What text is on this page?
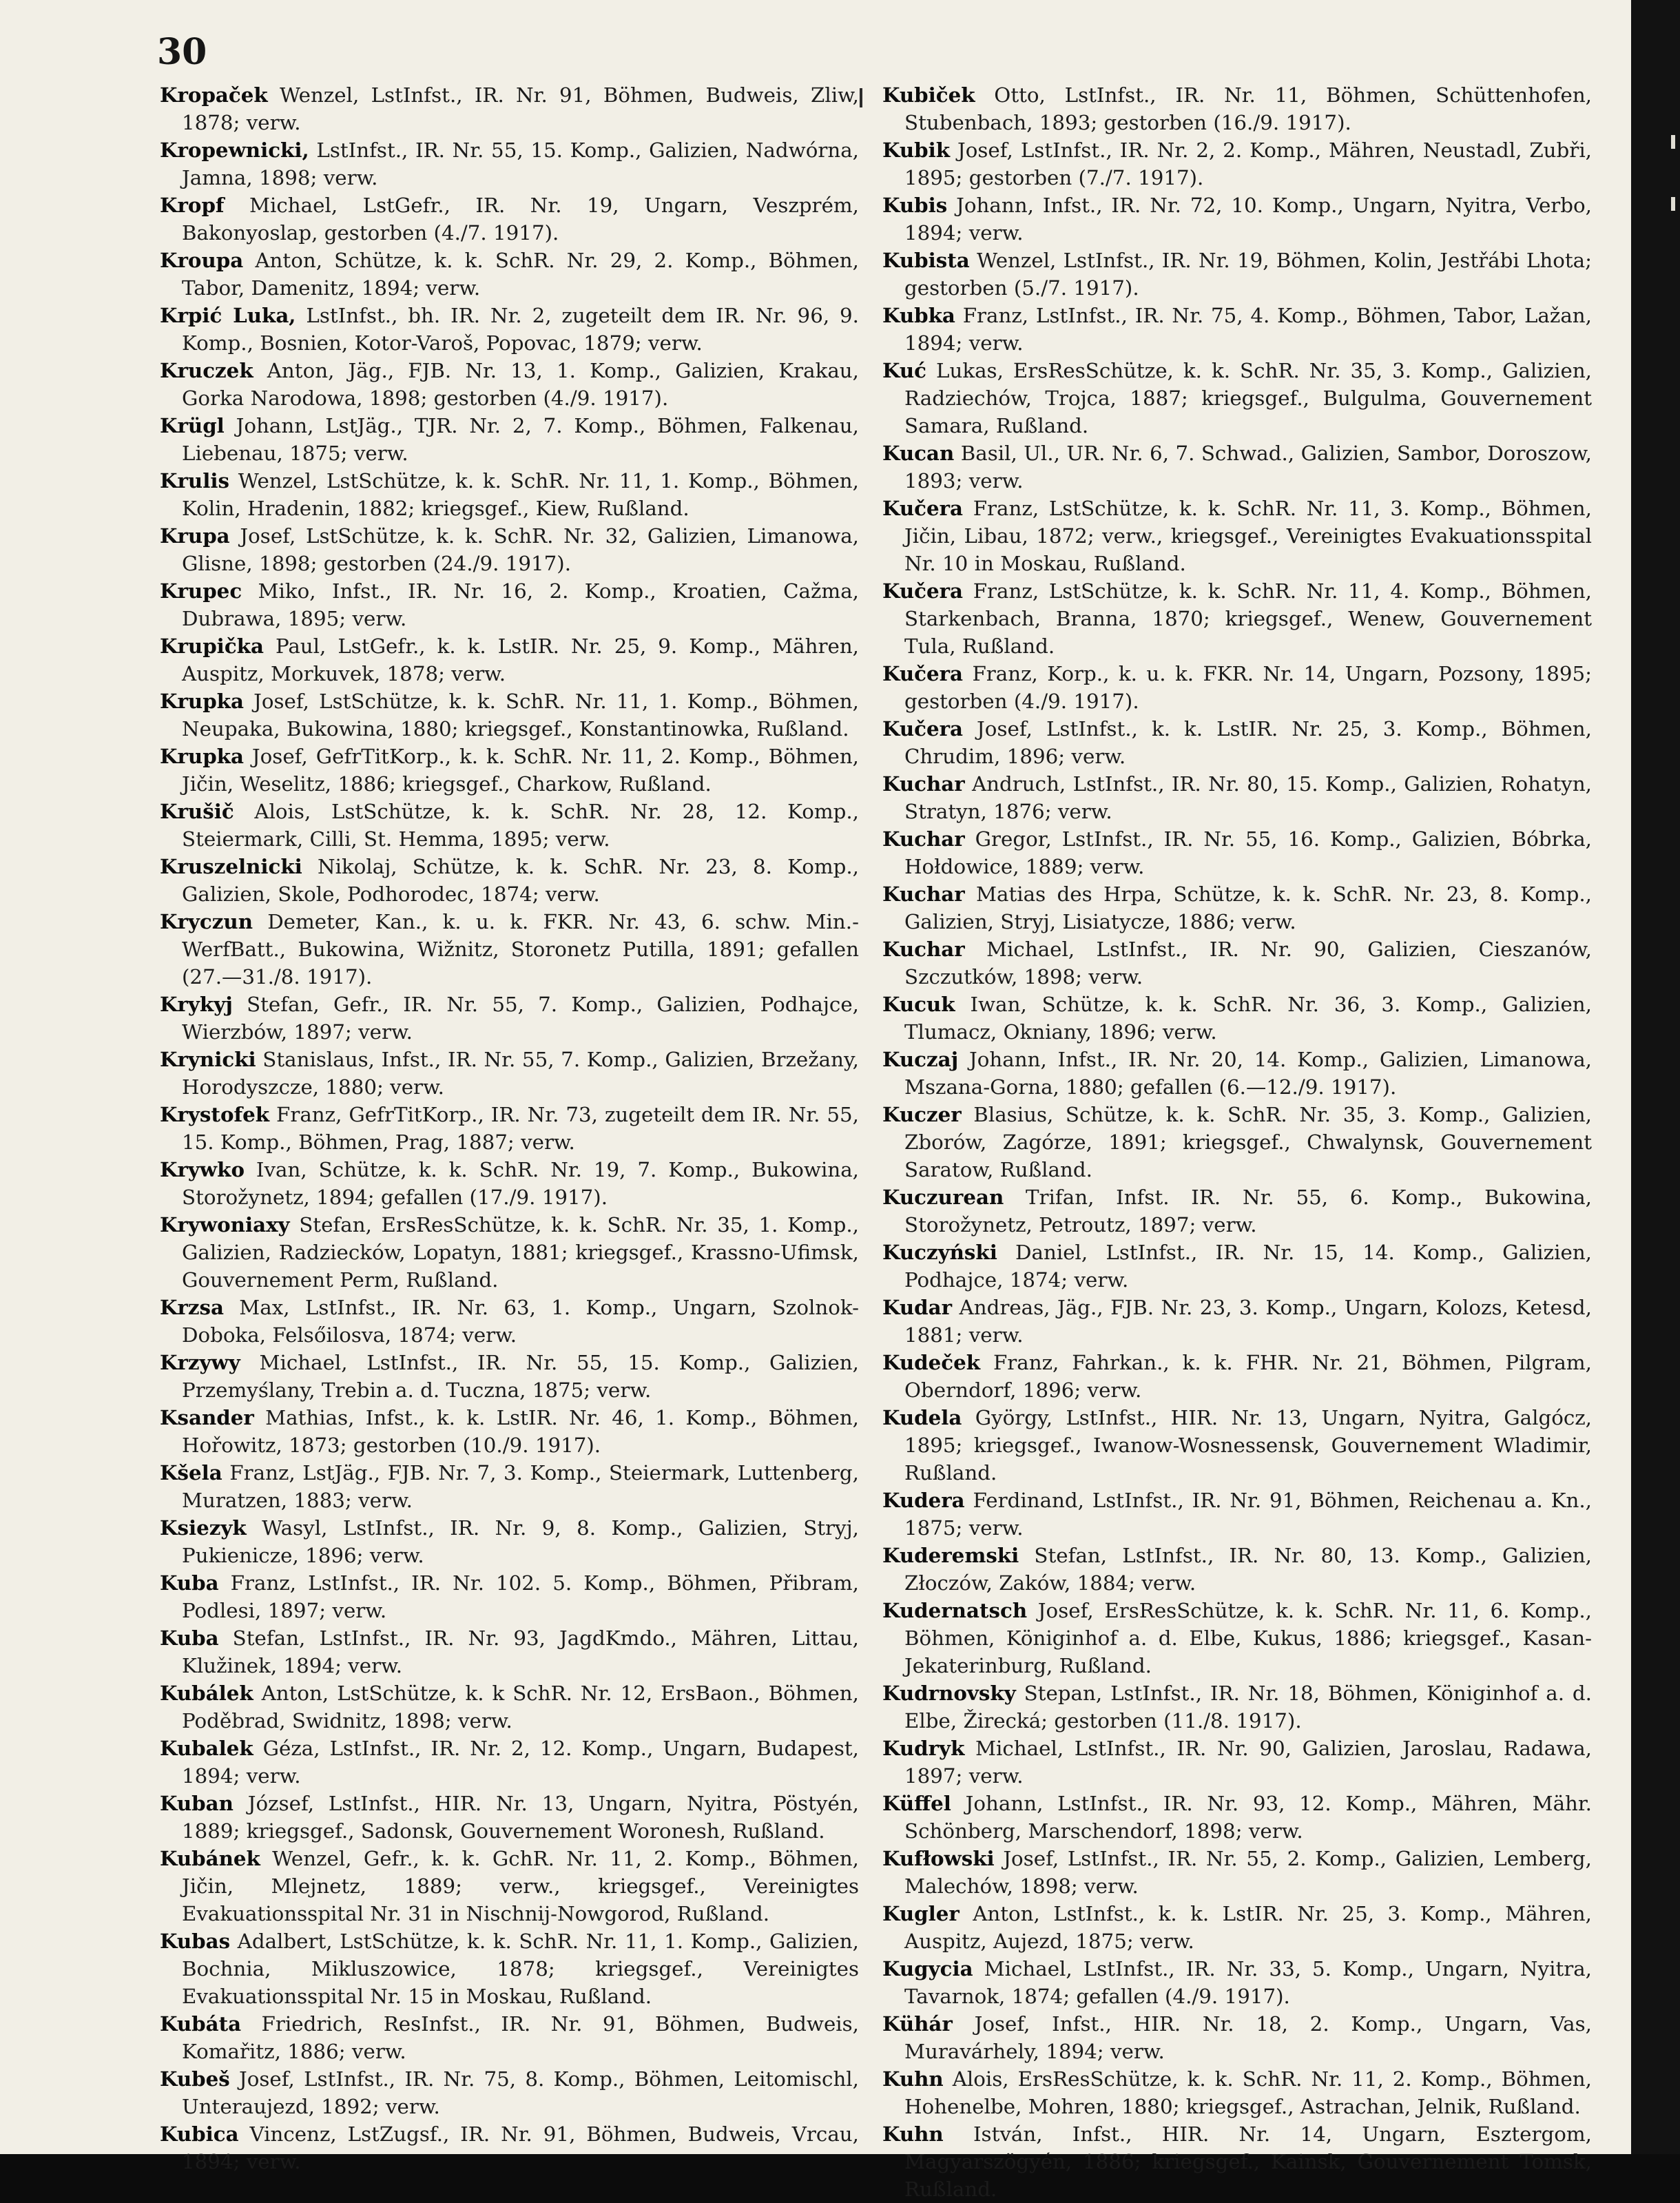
30

Kropaček Wenzel, LstInfst., IR. Nr. 91, Böhmen, Budweis, Zliw, 1878; verw.

Kropewnicki, LstInfst., IR. Nr. 55, 15. Komp., Galizien, Nadwórna, Jamna, 1898; verw.

Kropf Michael, LstGefr., IR. Nr. 19, Ungarn, Veszprém, Bakonyoslap, gestorben (4./7. 1917).

Kroupa Anton, Schütze, k. k. SchR. Nr. 29, 2. Komp., Böhmen, Tabor, Damenitz, 1894; verw.

Krpić Luka, LstInfst., bh. IR. Nr. 2, zugeteilt dem IR. Nr. 96, 9. Komp., Bosnien, Kotor-Varoš, Popovac, 1879; verw.

Kruczek Anton, Jäg., FJB. Nr. 13, 1. Komp., Galizien, Krakau, Gorka Narodowa, 1898; gestorben (4./9. 1917).

Krügl Johann, LstJäg., TJR. Nr. 2, 7. Komp., Böhmen, Falkenau, Liebenau, 1875; verw.

Krulis Wenzel, LstSchütze, k. k. SchR. Nr. 11, 1. Komp., Böhmen, Kolin, Hradenin, 1882; kriegsgef., Kiew, Rußland.

Krupa Josef, LstSchütze, k. k. SchR. Nr. 32, Galizien, Limanowa, Glisne, 1898; gestorben (24./9. 1917).

Krupec Miko, Infst., IR. Nr. 16, 2. Komp., Kroatien, Cažma, Dubrawa, 1895; verw.

Krupička Paul, LstGefr., k. k. LstIR. Nr. 25, 9. Komp., Mähren, Auspitz, Morkuvek, 1878; verw.

Krupka Josef, LstSchütze, k. k. SchR. Nr. 11, 1. Komp., Böhmen, Neupaka, Bukowina, 1880; kriegsgef., Konstantinowka, Rußland.

Krupka Josef, GefrTitKorp., k. k. SchR. Nr. 11, 2. Komp., Böhmen, Jičin, Weselitz, 1886; kriegsgef., Charkow, Rußland.

Krušič Alois, LstSchütze, k. k. SchR. Nr. 28, 12. Komp., Steiermark, Cilli, St. Hemma, 1895; verw.

Kruszelnicki Nikolaj, Schütze, k. k. SchR. Nr. 23, 8. Komp., Galizien, Skole, Podhorodec, 1874; verw.

Kryczun Demeter, Kan., k. u. k. FKR. Nr. 43, 6. schw. Min.-WerfBatt., Bukowina, Wižnitz, Storonetz Putilla, 1891; gefallen (27.—31./8. 1917).

Krykyj Stefan, Gefr., IR. Nr. 55, 7. Komp., Galizien, Podhajce, Wierzbów, 1897; verw.

Krynicki Stanislaus, Infst., IR. Nr. 55, 7. Komp., Galizien, Brzežany, Horodyszcze, 1880; verw.

Krystofek Franz, GefrTitKorp., IR. Nr. 73, zugeteilt dem IR. Nr. 55, 15. Komp., Böhmen, Prag, 1887; verw.

Krywko Ivan, Schütze, k. k. SchR. Nr. 19, 7. Komp., Bukowina, Storožynetz, 1894; gefallen (17./9. 1917).

Krywoniaxy Stefan, ErsResSchütze, k. k. SchR. Nr. 35, 1. Komp., Galizien, Radziecków, Lopatyn, 1881; kriegsgef., Krassno-Ufimsk, Gouvernement Perm, Rußland.

Krzsa Max, LstInfst., IR. Nr. 63, 1. Komp., Ungarn, Szolnok-Doboka, Felsőilosva, 1874; verw.

Krzywy Michael, LstInfst., IR. Nr. 55, 15. Komp., Galizien, Przemyślany, Trebin a. d. Tuczna, 1875; verw.

Ksander Mathias, Infst., k. k. LstIR. Nr. 46, 1. Komp., Böhmen, Hořowitz, 1873; gestorben (10./9. 1917).

Kšela Franz, LstJäg., FJB. Nr. 7, 3. Komp., Steiermark, Luttenberg, Muratzen, 1883; verw.

Ksiezyk Wasyl, LstInfst., IR. Nr. 9, 8. Komp., Galizien, Stryj, Pukienicze, 1896; verw.

Kuba Franz, LstInfst., IR. Nr. 102. 5. Komp., Böhmen, Přibram, Podlesi, 1897; verw.

Kuba Stefan, LstInfst., IR. Nr. 93, JagdKmdo., Mähren, Littau, Klužinek, 1894; verw.

Kubálek Anton, LstSchütze, k. k SchR. Nr. 12, ErsBaon., Böhmen, Poděbrad, Swidnitz, 1898; verw.

Kubalek Géza, LstInfst., IR. Nr. 2, 12. Komp., Ungarn, Budapest, 1894; verw.

Kuban József, LstInfst., HIR. Nr. 13, Ungarn, Nyitra, Pöstyén, 1889; kriegsgef., Sadonsk, Gouvernement Woronesh, Rußland.

Kubánek Wenzel, Gefr., k. k. GchR. Nr. 11, 2. Komp., Böhmen, Jičin, Mlejnetz, 1889; verw., kriegsgef., Vereinigtes Evakuationsspital Nr. 31 in Nischnij-Nowgorod, Rußland.

Kubas Adalbert, LstSchütze, k. k. SchR. Nr. 11, 1. Komp., Galizien, Bochnia, Mikluszowice, 1878; kriegsgef., Vereinigtes Evakuationsspital Nr. 15 in Moskau, Rußland.

Kubáta Friedrich, ResInfst., IR. Nr. 91, Böhmen, Budweis, Komařitz, 1886; verw.

Kubeš Josef, LstInfst., IR. Nr. 75, 8. Komp., Böhmen, Leitomischl, Unteraujezd, 1892; verw.

Kubica Vincenz, LstZugsf., IR. Nr. 91, Böhmen, Budweis, Vrcau, 1894; verw.

Kubiček Otto, LstInfst., IR. Nr. 11, Böhmen, Schüttenhofen, Stubenbach, 1893; gestorben (16./9. 1917).

Kubik Josef, LstInfst., IR. Nr. 2, 2. Komp., Mähren, Neustadl, Zubři, 1895; gestorben (7./7. 1917).

Kubis Johann, Infst., IR. Nr. 72, 10. Komp., Ungarn, Nyitra, Verbo, 1894; verw.

Kubista Wenzel, LstInfst., IR. Nr. 19, Böhmen, Kolin, Jestřábi Lhota; gestorben (5./7. 1917).

Kubka Franz, LstInfst., IR. Nr. 75, 4. Komp., Böhmen, Tabor, Lažan, 1894; verw.

Kuć Lukas, ErsResSchütze, k. k. SchR. Nr. 35, 3. Komp., Galizien, Radziechów, Trojca, 1887; kriegsgef., Bulgulma, Gouvernement Samara, Rußland.

Kucan Basil, Ul., UR. Nr. 6, 7. Schwad., Galizien, Sambor, Doroszow, 1893; verw.

Kučera Franz, LstSchütze, k. k. SchR. Nr. 11, 3. Komp., Böhmen, Jičin, Libau, 1872; verw., kriegsgef., Vereinigtes Evakuationsspital Nr. 10 in Moskau, Rußland.

Kučera Franz, LstSchütze, k. k. SchR. Nr. 11, 4. Komp., Böhmen, Starkenbach, Branna, 1870; kriegsgef., Wenew, Gouvernement Tula, Rußland.

Kučera Franz, Korp., k. u. k. FKR. Nr. 14, Ungarn, Pozsony, 1895; gestorben (4./9. 1917).

Kučera Josef, LstInfst., k. k. LstIR. Nr. 25, 3. Komp., Böhmen, Chrudim, 1896; verw.

Kuchar Andruch, LstInfst., IR. Nr. 80, 15. Komp., Galizien, Rohatyn, Stratyn, 1876; verw.

Kuchar Gregor, LstInfst., IR. Nr. 55, 16. Komp., Galizien, Bóbrka, Hołdowice, 1889; verw.

Kuchar Matias des Hrpa, Schütze, k. k. SchR. Nr. 23, 8. Komp., Galizien, Stryj, Lisiatycze, 1886; verw.

Kuchar Michael, LstInfst., IR. Nr. 90, Galizien, Cieszanów, Szczutków, 1898; verw.

Kucuk Iwan, Schütze, k. k. SchR. Nr. 36, 3. Komp., Galizien, Tlumacz, Okniany, 1896; verw.

Kuczaj Johann, Infst., IR. Nr. 20, 14. Komp., Galizien, Limanowa, Mszana-Gorna, 1880; gefallen (6.—12./9. 1917).

Kuczer Blasius, Schütze, k. k. SchR. Nr. 35, 3. Komp., Galizien, Zborów, Zagórze, 1891; kriegsgef., Chwalynsk, Gouvernement Saratow, Rußland.

Kuczurean Trifan, Infst. IR. Nr. 55, 6. Komp., Bukowina, Storožynetz, Petroutz, 1897; verw.

Kuczyński Daniel, LstInfst., IR. Nr. 15, 14. Komp., Galizien, Podhajce, 1874; verw.

Kudar Andreas, Jäg., FJB. Nr. 23, 3. Komp., Ungarn, Kolozs, Ketesd, 1881; verw.

Kudeček Franz, Fahrkan., k. k. FHR. Nr. 21, Böhmen, Pilgram, Oberndorf, 1896; verw.

Kudela György, LstInfst., HIR. Nr. 13, Ungarn, Nyitra, Galgócz, 1895; kriegsgef., Iwanow-Wosnessensk, Gouvernement Wladimir, Rußland.

Kudera Ferdinand, LstInfst., IR. Nr. 91, Böhmen, Reichenau a. Kn., 1875; verw.

Kuderemski Stefan, LstInfst., IR. Nr. 80, 13. Komp., Galizien, Złoczów, Zaków, 1884; verw.

Kudernatsch Josef, ErsResSchütze, k. k. SchR. Nr. 11, 6. Komp., Böhmen, Königinhof a. d. Elbe, Kukus, 1886; kriegsgef., Kasan-Jekaterinburg, Rußland.

Kudrnovsky Stepan, LstInfst., IR. Nr. 18, Böhmen, Königinhof a. d. Elbe, Žirecká; gestorben (11./8. 1917).

Kudryk Michael, LstInfst., IR. Nr. 90, Galizien, Jaroslau, Radawa, 1897; verw.

Küffel Johann, LstInfst., IR. Nr. 93, 12. Komp., Mähren, Mähr. Schönberg, Marschendorf, 1898; verw.

Kufłowski Josef, LstInfst., IR. Nr. 55, 2. Komp., Galizien, Lemberg, Malechów, 1898; verw.

Kugler Anton, LstInfst., k. k. LstIR. Nr. 25, 3. Komp., Mähren, Auspitz, Aujezd, 1875; verw.

Kugycia Michael, LstInfst., IR. Nr. 33, 5. Komp., Ungarn, Nyitra, Tavarnok, 1874; gefallen (4./9. 1917).

Kühár Josef, Infst., HIR. Nr. 18, 2. Komp., Ungarn, Vas, Muravárhely, 1894; verw.

Kuhn Alois, ErsResSchütze, k. k. SchR. Nr. 11, 2. Komp., Böhmen, Hohenelbe, Mohren, 1880; kriegsgef., Astrachan, Jelnik, Rußland.

Kuhn István, Infst., HIR. Nr. 14, Ungarn, Esztergom, Magyarszögyén, 1886; kriegsgef., Kainsk, Gouvernement Tomsk, Rußland.
